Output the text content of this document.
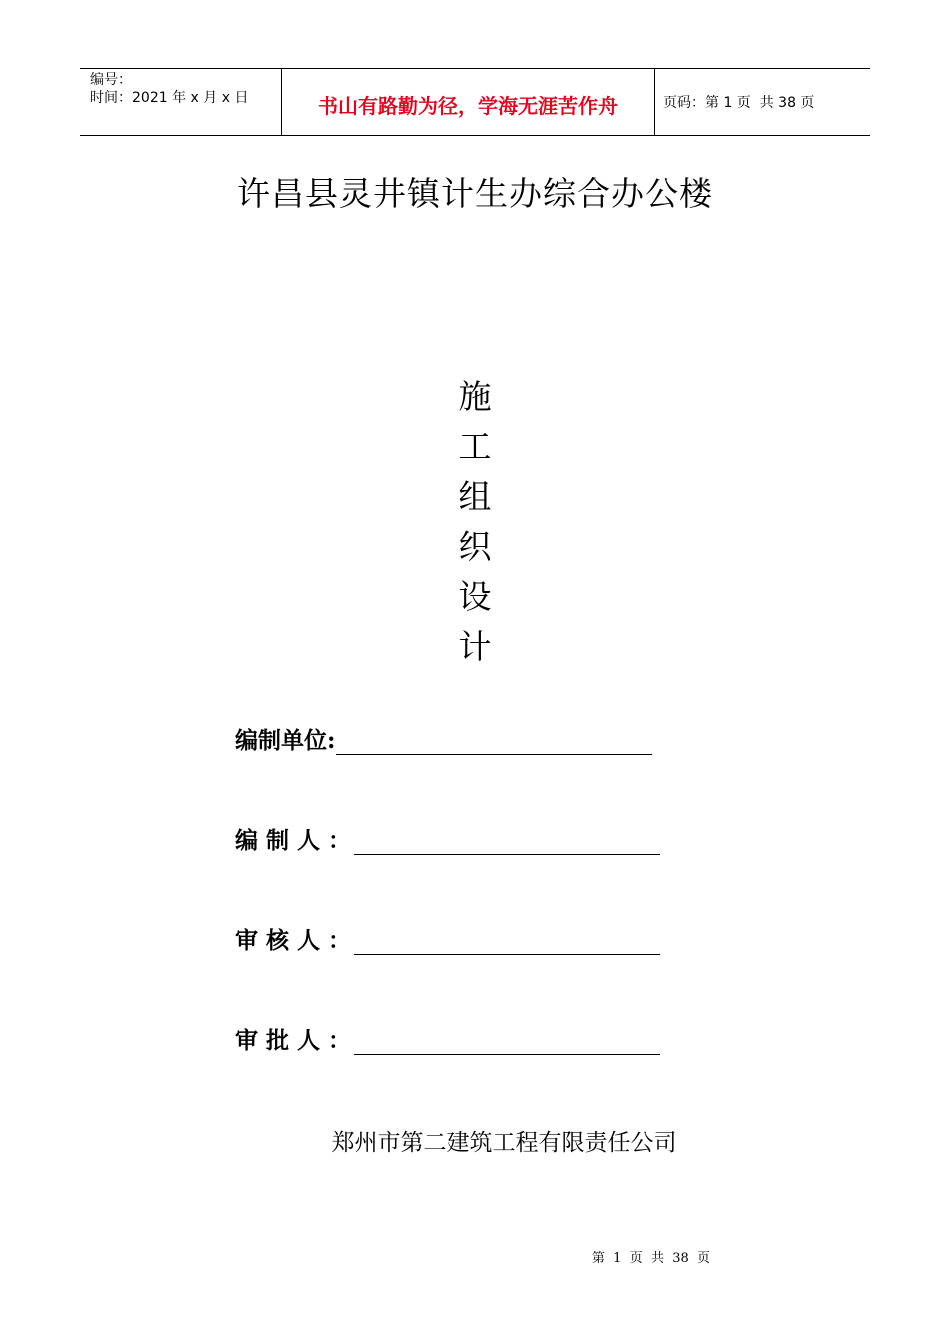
编号：
时间：2021 年 x 月 x 日	书山有路勤为径，学海无涯苦作舟	页码：第 1 页  共 38 页
许昌县灵井镇计生办综合办公楼
施
工
组
织
设
计
编制单位:
编 制 人 ：
审 核 人 ：
审 批 人 ：
郑州市第二建筑工程有限责任公司
第  1  页  共  38  页
